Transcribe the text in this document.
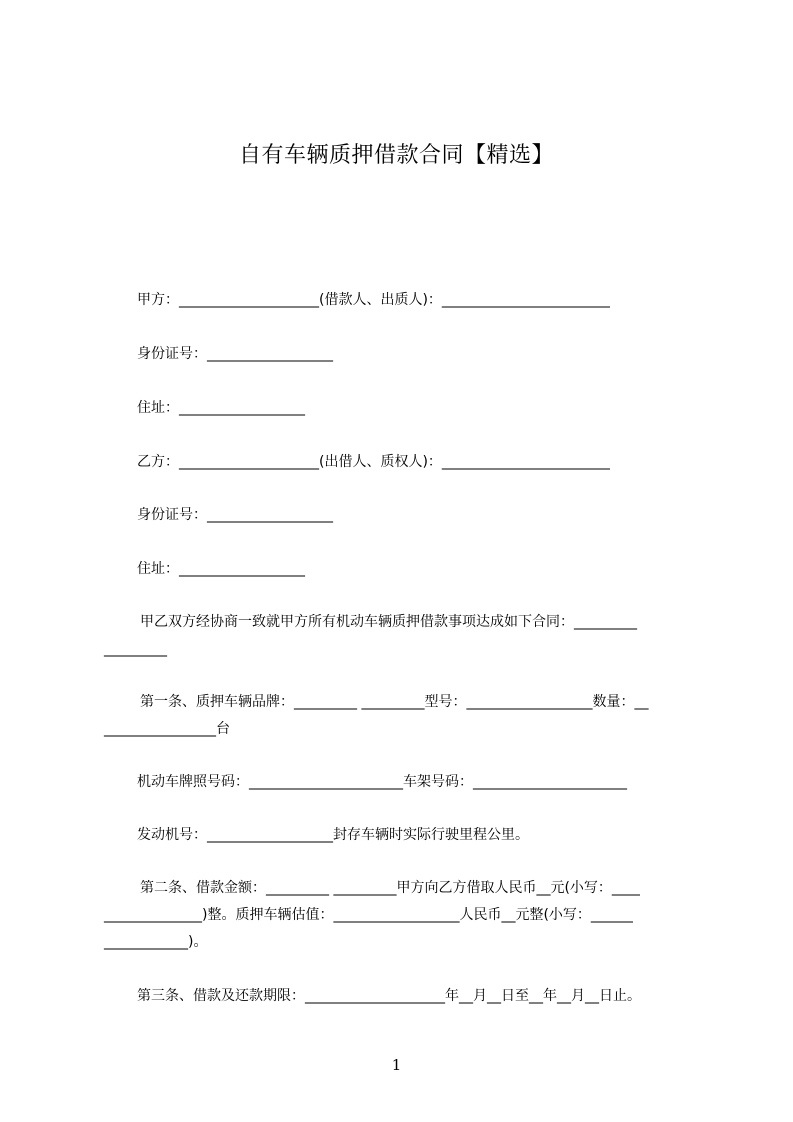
自有车辆质押借款合同【精选】
甲方：____________________(借款人、出质人)：________________________
身份证号：__________________
住址：__________________
乙方：____________________(出借人、质权人)：________________________
身份证号：__________________
住址：__________________
甲乙双方经协商一致就甲方所有机动车辆质押借款事项达成如下合同：_________
_________
第一条、质押车辆品牌：_________ _________型号：__________________数量：__
________________台
机动车牌照号码：______________________车架号码：______________________
发动机号：__________________封存车辆时实际行驶里程公里。
第二条、借款金额：_________ _________甲方向乙方借取人民币__元(小写：____
______________)整。质押车辆估值：__________________人民币__元整(小写：______
____________)。
第三条、借款及还款期限：____________________年__月__日至__年__月__日止。
1
